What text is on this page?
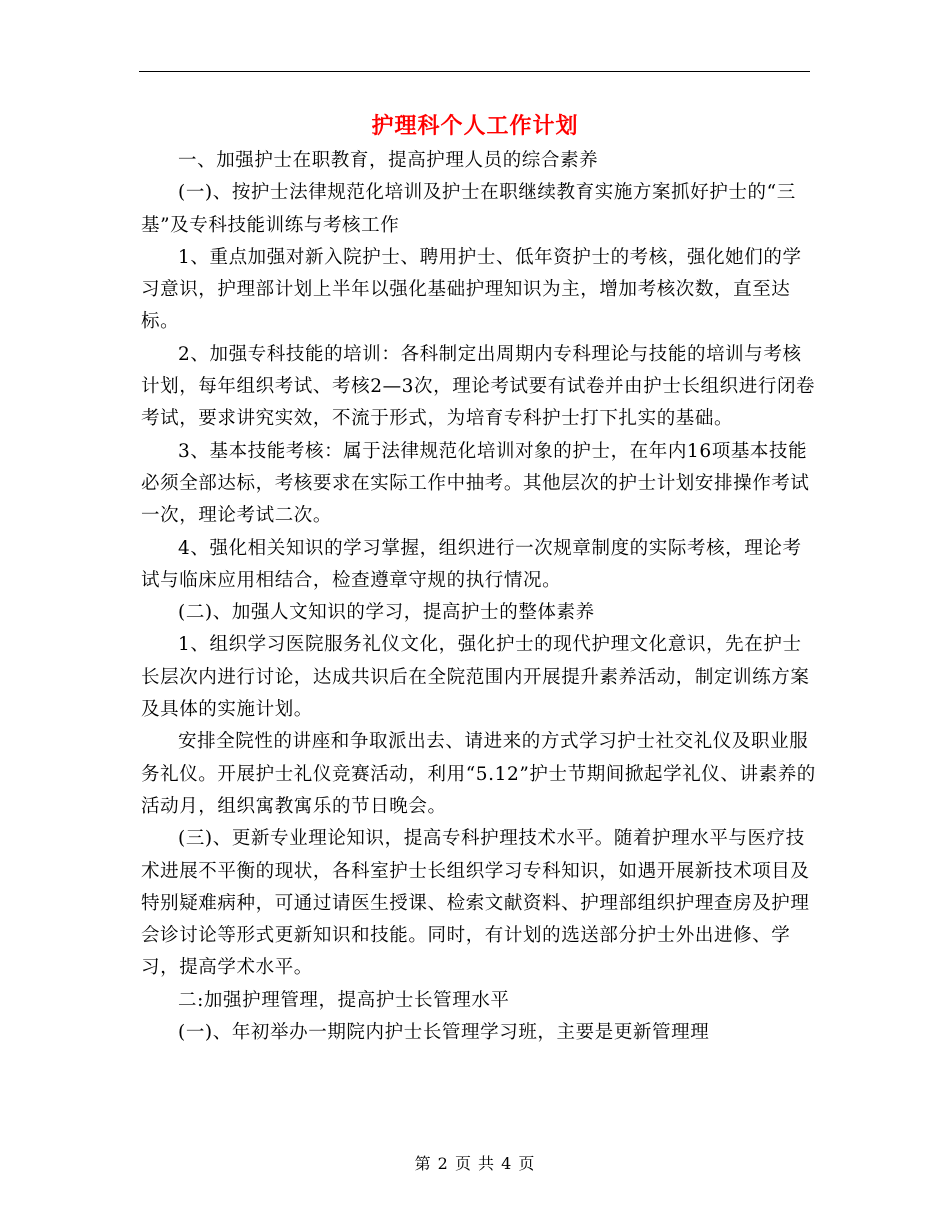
护理科个人工作计划

一、加强护士在职教育，提高护理人员的综合素养

(一)、按护士法律规范化培训及护士在职继续教育实施方案抓好护士的“三基”及专科技能训练与考核工作

1、重点加强对新入院护士、聘用护士、低年资护士的考核，强化她们的学习意识，护理部计划上半年以强化基础护理知识为主，增加考核次数，直至达标。

2、加强专科技能的培训：各科制定出周期内专科理论与技能的培训与考核计划，每年组织考试、考核2—3次，理论考试要有试卷并由护士长组织进行闭卷考试，要求讲究实效，不流于形式，为培育专科护士打下扎实的基础。

3、基本技能考核：属于法律规范化培训对象的护士，在年内16项基本技能必须全部达标，考核要求在实际工作中抽考。其他层次的护士计划安排操作考试一次，理论考试二次。

4、强化相关知识的学习掌握，组织进行一次规章制度的实际考核，理论考试与临床应用相结合，检查遵章守规的执行情况。

(二)、加强人文知识的学习，提高护士的整体素养

1、组织学习医院服务礼仪文化，强化护士的现代护理文化意识，先在护士长层次内进行讨论，达成共识后在全院范围内开展提升素养活动，制定训练方案及具体的实施计划。

安排全院性的讲座和争取派出去、请进来的方式学习护士社交礼仪及职业服务礼仪。开展护士礼仪竞赛活动，利用“5.12”护士节期间掀起学礼仪、讲素养的活动月，组织寓教寓乐的节日晚会。

(三)、更新专业理论知识，提高专科护理技术水平。随着护理水平与医疗技术进展不平衡的现状，各科室护士长组织学习专科知识，如遇开展新技术项目及特别疑难病种，可通过请医生授课、检索文献资料、护理部组织护理查房及护理会诊讨论等形式更新知识和技能。同时，有计划的选送部分护士外出进修、学习，提高学术水平。

二:加强护理管理，提高护士长管理水平

(一)、年初举办一期院内护士长管理学习班，主要是更新管理理

第 2 页 共 4 页
